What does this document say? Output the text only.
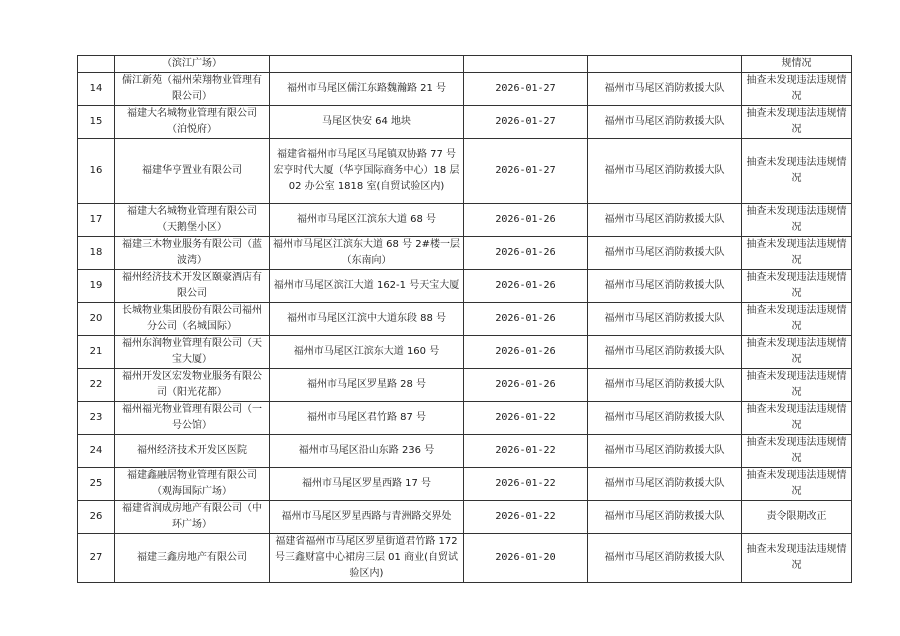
	（滨江广场）				规情况
14	儒江新苑（福州荣翔物业管理有限公司）	福州市马尾区儒江东路魏瀚路 21 号	2026-01-27	福州市马尾区消防救援大队	抽查未发现违法违规情况
15	福建大名城物业管理有限公司（泊悦府）	马尾区快安 64 地块	2026-01-27	福州市马尾区消防救援大队	抽查未发现违法违规情况
16	福建华亨置业有限公司	福建省福州市马尾区马尾镇双协路 77 号宏亨时代大厦（华亨国际商务中心）18 层 02 办公室 1818 室(自贸试验区内)	2026-01-27	福州市马尾区消防救援大队	抽查未发现违法违规情况
17	福建大名城物业管理有限公司（天鹅堡小区）	福州市马尾区江滨东大道 68 号	2026-01-26	福州市马尾区消防救援大队	抽查未发现违法违规情况
18	福建三木物业服务有限公司（蓝波湾）	福州市马尾区江滨东大道 68 号 2#楼一层（东南向）	2026-01-26	福州市马尾区消防救援大队	抽查未发现违法违规情况
19	福州经济技术开发区颐豪酒店有限公司	福州市马尾区滨江大道 162-1 号天宝大厦	2026-01-26	福州市马尾区消防救援大队	抽查未发现违法违规情况
20	长城物业集团股份有限公司福州分公司（名城国际）	福州市马尾区江滨中大道东段 88 号	2026-01-26	福州市马尾区消防救援大队	抽查未发现违法违规情况
21	福州东润物业管理有限公司（天宝大厦）	福州市马尾区江滨东大道 160 号	2026-01-26	福州市马尾区消防救援大队	抽查未发现违法违规情况
22	福州开发区宏发物业服务有限公司（阳光花都）	福州市马尾区罗星路 28 号	2026-01-26	福州市马尾区消防救援大队	抽查未发现违法违规情况
23	福州福光物业管理有限公司（一号公馆）	福州市马尾区君竹路 87 号	2026-01-22	福州市马尾区消防救援大队	抽查未发现违法违规情况
24	福州经济技术开发区医院	福州市马尾区沿山东路 236 号	2026-01-22	福州市马尾区消防救援大队	抽查未发现违法违规情况
25	福建鑫融居物业管理有限公司（观海国际广场）	福州市马尾区罗星西路 17 号	2026-01-22	福州市马尾区消防救援大队	抽查未发现违法违规情况
26	福建省润成房地产有限公司（中环广场）	福州市马尾区罗星西路与青洲路交界处	2026-01-22	福州市马尾区消防救援大队	责令限期改正
27	福建三鑫房地产有限公司	福建省福州市马尾区罗星街道君竹路 172 号三鑫财富中心裙房三层 01 商业(自贸试验区内)	2026-01-20	福州市马尾区消防救援大队	抽查未发现违法违规情况
